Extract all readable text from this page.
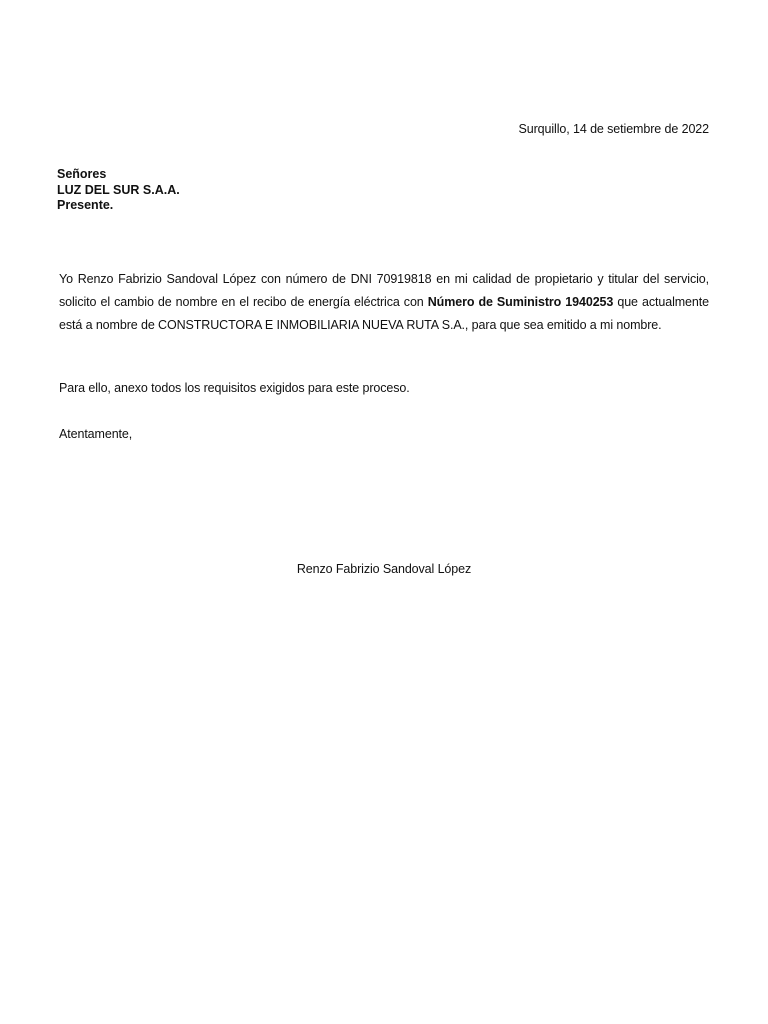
Surquillo, 14 de setiembre de 2022
Señores
LUZ DEL SUR S.A.A.
Presente.
Yo Renzo Fabrizio Sandoval López con número de DNI 70919818 en mi calidad de propietario y titular del servicio, solicito el cambio de nombre en el recibo de energía eléctrica con Número de Suministro 1940253 que actualmente está a nombre de CONSTRUCTORA E INMOBILIARIA NUEVA RUTA S.A., para que sea emitido a mi nombre.
Para ello, anexo todos los requisitos exigidos para este proceso.
Atentamente,
Renzo Fabrizio Sandoval López
